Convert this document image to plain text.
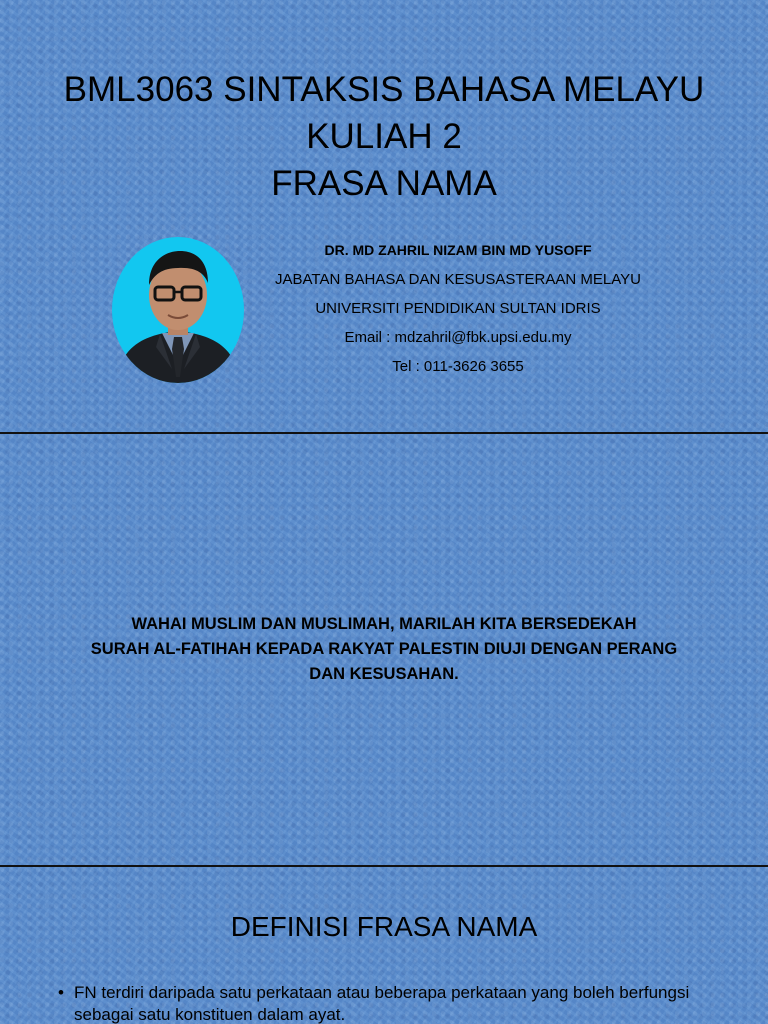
BML3063 SINTAKSIS BAHASA MELAYU
KULIAH 2
FRASA NAMA
DR. MD ZAHRIL NIZAM BIN MD YUSOFF
JABATAN BAHASA DAN KESUSASTERAAN MELAYU
UNIVERSITI PENDIDIKAN SULTAN IDRIS
Email : mdzahril@fbk.upsi.edu.my
Tel : 011-3626 3655
WAHAI MUSLIM DAN MUSLIMAH, MARILAH KITA BERSEDEKAH
SURAH AL-FATIHAH KEPADA RAKYAT PALESTIN DIUJI DENGAN PERANG
DAN KESUSAHAN.
DEFINISI FRASA NAMA
• FN terdiri daripada satu perkataan atau beberapa perkataan yang boleh berfungsi sebagai satu konstituen dalam ayat.
